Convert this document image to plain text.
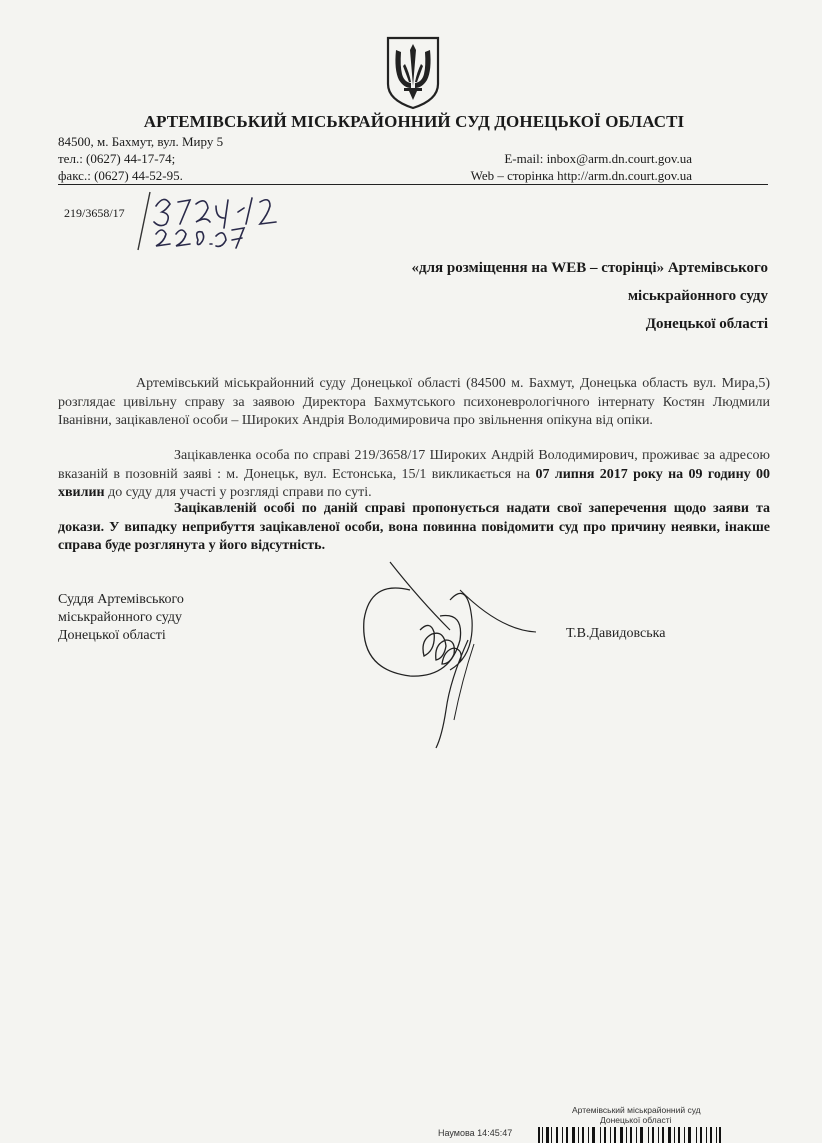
АРТЕМІВСЬКИЙ МІСЬКРАЙОННИЙ СУД ДОНЕЦЬКОЇ ОБЛАСТІ
84500, м. Бахмут, вул. Миру 5
тел.: (0627) 44-17-74;
факс.: (0627) 44-52-95.
E-mail: inbox@arm.dn.court.gov.ua
Web – сторінка http://arm.dn.court.gov.ua
219/3658/17
«для розміщення на WEB – сторінці» Артемівського
міськрайонного суду
Донецької області
Артемівський міськрайонний суду Донецької області (84500 м. Бахмут, Донецька область вул. Мира,5) розглядає цивільну справу за заявою Директора Бахмутського психоневрологічного інтернату Костян Людмили Іванівни, зацікавленої особи – Широких Андрія Володимировича про звільнення опікуна від опіки.
Зацікавленка особа по справі 219/3658/17 Широких Андрій Володимирович, проживає за адресою вказаній в позовній заяві : м. Донецьк, вул. Естонська, 15/1 викликається на 07 липня 2017 року на 09 годину 00 хвилин до суду для участі у розгляді справи по суті.
Зацікавленій особі по даній справі пропонується надати свої заперечення щодо заяви та докази. У випадку неприбуття зацікавленої особи, вона повинна повідомити суд про причину неявки, інакше справа буде розглянута у його відсутність.
Суддя Артемівського
міськрайонного суду
Донецької області	Т.В.Давидовська
Артемівський міськрайонний суд
Донецької області
Наумова 14:45:47
